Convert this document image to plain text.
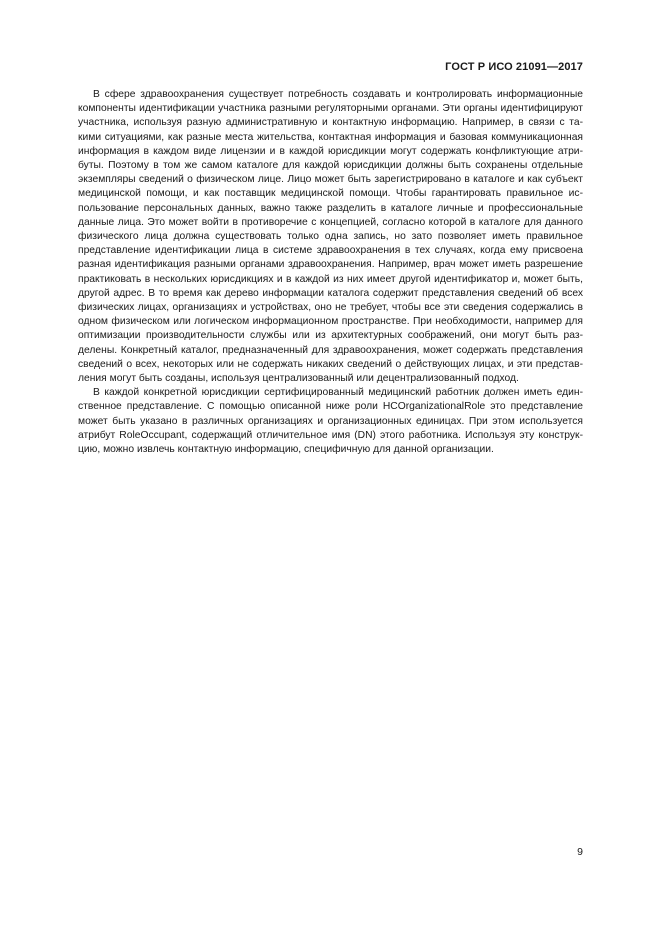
ГОСТ Р ИСО 21091—2017

В сфере здравоохранения существует потребность создавать и контролировать информационные компоненты идентификации участника разными регуляторными органами. Эти органы идентифицируют участника, используя разную административную и контактную информацию. Например, в связи с такими ситуациями, как разные места жительства, контактная информация и базовая коммуникационная информация в каждом виде лицензии и в каждой юрисдикции могут содержать конфликтующие атрибуты. Поэтому в том же самом каталоге для каждой юрисдикции должны быть сохранены отдельные экземпляры сведений о физическом лице. Лицо может быть зарегистрировано в каталоге и как субъект медицинской помощи, и как поставщик медицинской помощи. Чтобы гарантировать правильное использование персональных данных, важно также разделить в каталоге личные и профессиональные данные лица. Это может войти в противоречие с концепцией, согласно которой в каталоге для данного физического лица должна существовать только одна запись, но зато позволяет иметь правильное представление идентификации лица в системе здравоохранения в тех случаях, когда ему присвоена разная идентификация разными органами здравоохранения. Например, врач может иметь разрешение практиковать в нескольких юрисдикциях и в каждой из них имеет другой идентификатор и, может быть, другой адрес. В то время как дерево информации каталога содержит представления сведений об всех физических лицах, организациях и устройствах, оно не требует, чтобы все эти сведения содержались в одном физическом или логическом информационном пространстве. При необходимости, например для оптимизации производительности службы или из архитектурных соображений, они могут быть разделены. Конкретный каталог, предназначенный для здравоохранения, может содержать представления сведений о всех, некоторых или не содержать никаких сведений о действующих лицах, и эти представления могут быть созданы, используя централизованный или децентрализованный подход.

В каждой конкретной юрисдикции сертифицированный медицинский работник должен иметь единственное представление. С помощью описанной ниже роли HCOrganizationalRole это представление может быть указано в различных организациях и организационных единицах. При этом используется атрибут RoleOccupant, содержащий отличительное имя (DN) этого работника. Используя эту конструкцию, можно извлечь контактную информацию, специфичную для данной организации.

9
